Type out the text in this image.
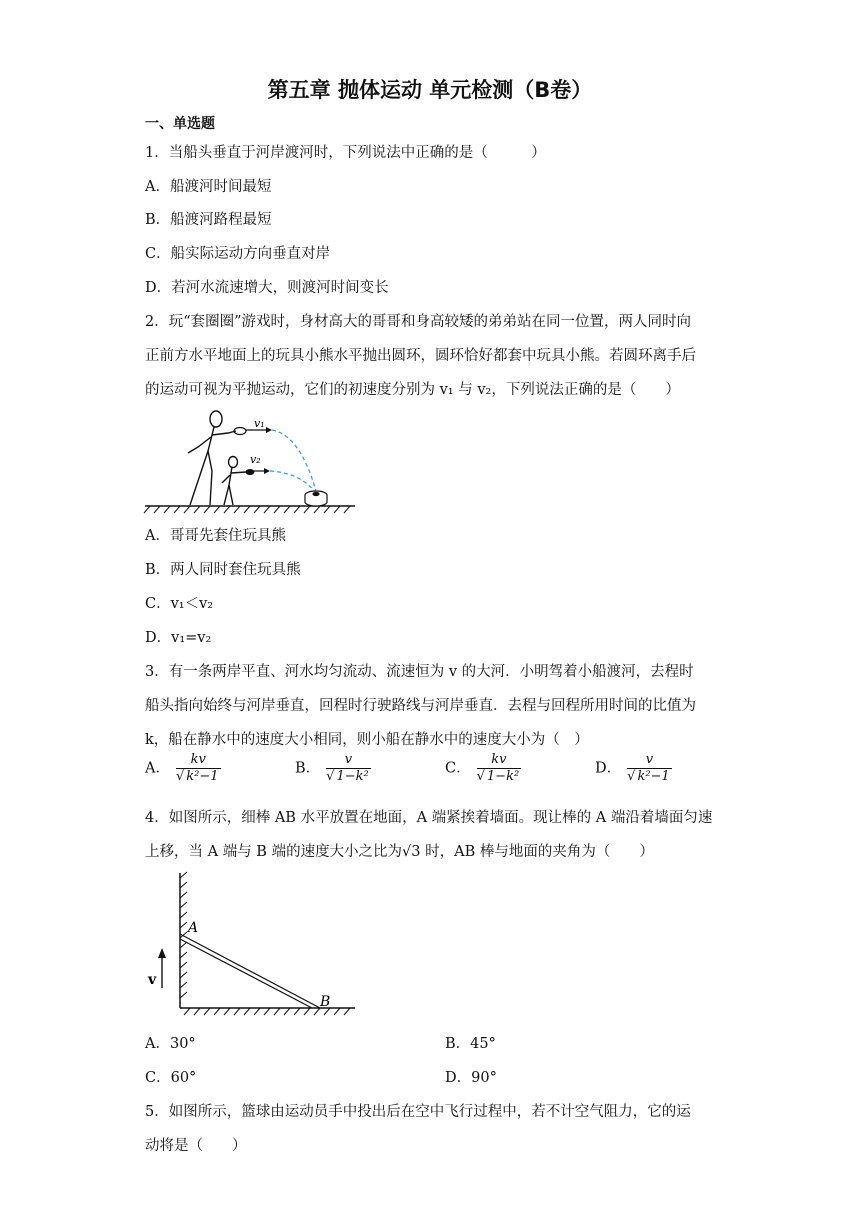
第五章 抛体运动 单元检测（B卷）
一、单选题
1．当船头垂直于河岸渡河时，下列说法中正确的是（　　　）
A．船渡河时间最短
B．船渡河路程最短
C．船实际运动方向垂直对岸
D．若河水流速增大，则渡河时间变长
2．玩“套圈圈”游戏时，身材高大的哥哥和身高较矮的弟弟站在同一位置，两人同时向
正前方水平地面上的玩具小熊水平抛出圆环，圆环恰好都套中玩具小熊。若圆环离手后
的运动可视为平抛运动，它们的初速度分别为 v₁ 与 v₂，下列说法正确的是（　　）
v₁
v₂
A．哥哥先套住玩具熊
B．两人同时套住玩具熊
C．v₁＜v₂
D．v₁=v₂
3．有一条两岸平直、河水均匀流动、流速恒为 v 的大河．小明驾着小船渡河，去程时
船头指向始终与河岸垂直，回程时行驶路线与河岸垂直．去程与回程所用时间的比值为
k，船在静水中的速度大小相同，则小船在静水中的速度大小为（　）
A． $\frac{kv}{\text{√ k²−1}}$	B． $\frac{v}{\text{√ 1−k²}}$	C． $\frac{kv}{\text{√ 1−k²}}$	D． $\frac{v}{\text{√ k²−1}}$
4．如图所示，细棒 AB 水平放置在地面，A 端紧挨着墙面。现让棒的 A 端沿着墙面匀速
上移，当 A 端与 B 端的速度大小之比为√3 时，AB 棒与地面的夹角为（　　）
A
B
v
A．30°	B．45°
C．60°	D．90°
5．如图所示，篮球由运动员手中投出后在空中飞行过程中，若不计空气阻力，它的运
动将是（　　）
